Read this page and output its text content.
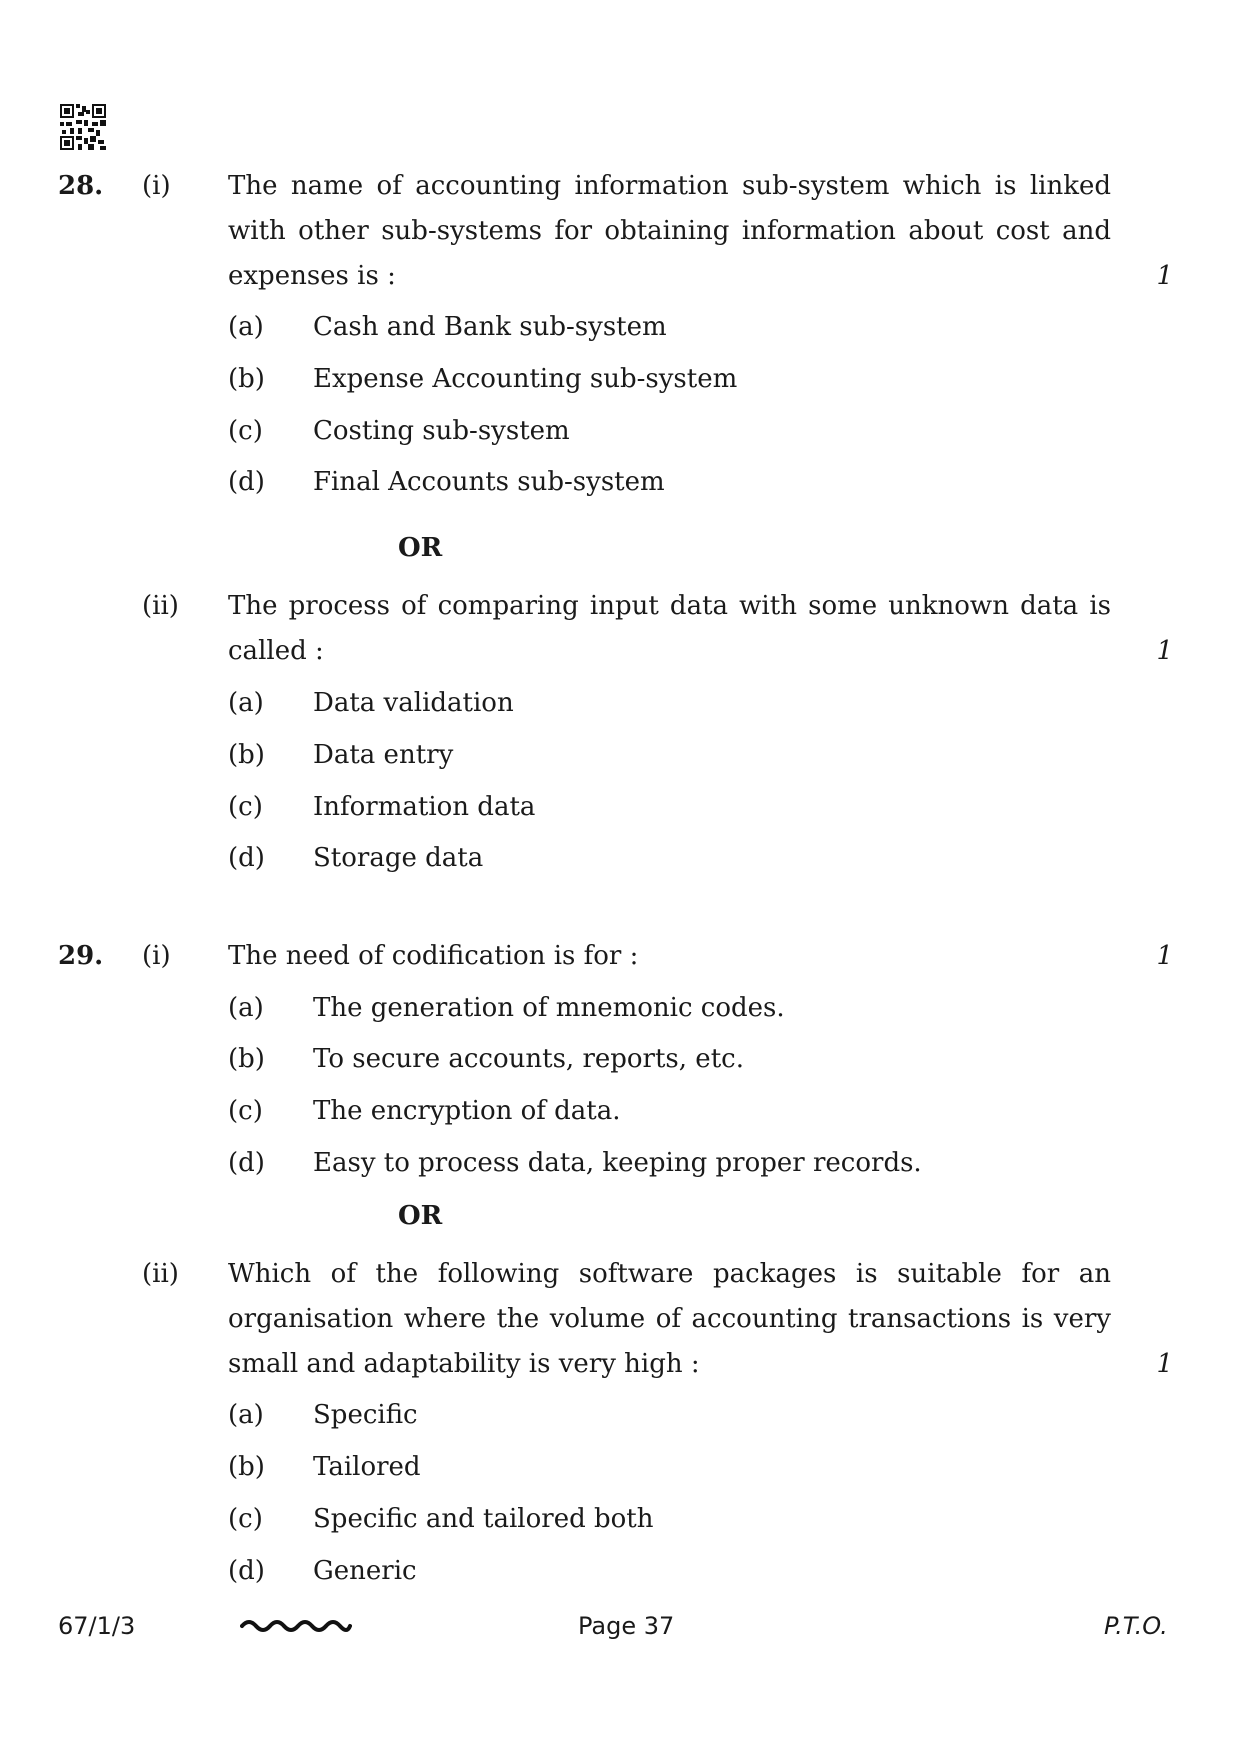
28. (i) The name of accounting information sub-system which is linked
with other sub-systems for obtaining information about cost and
expenses is :	1
(a) Cash and Bank sub-system
(b) Expense Accounting sub-system
(c) Costing sub-system
(d) Final Accounts sub-system
OR
(ii) The process of comparing input data with some unknown data is
called :	1
(a) Data validation
(b) Data entry
(c) Information data
(d) Storage data
29. (i) The need of codification is for :	1
(a) The generation of mnemonic codes.
(b) To secure accounts, reports, etc.
(c) The encryption of data.
(d) Easy to process data, keeping proper records.
OR
(ii) Which of the following software packages is suitable for an
organisation where the volume of accounting transactions is very
small and adaptability is very high :	1
(a) Specific
(b) Tailored
(c) Specific and tailored both
(d) Generic
67/1/3	Page 37	P.T.O.
